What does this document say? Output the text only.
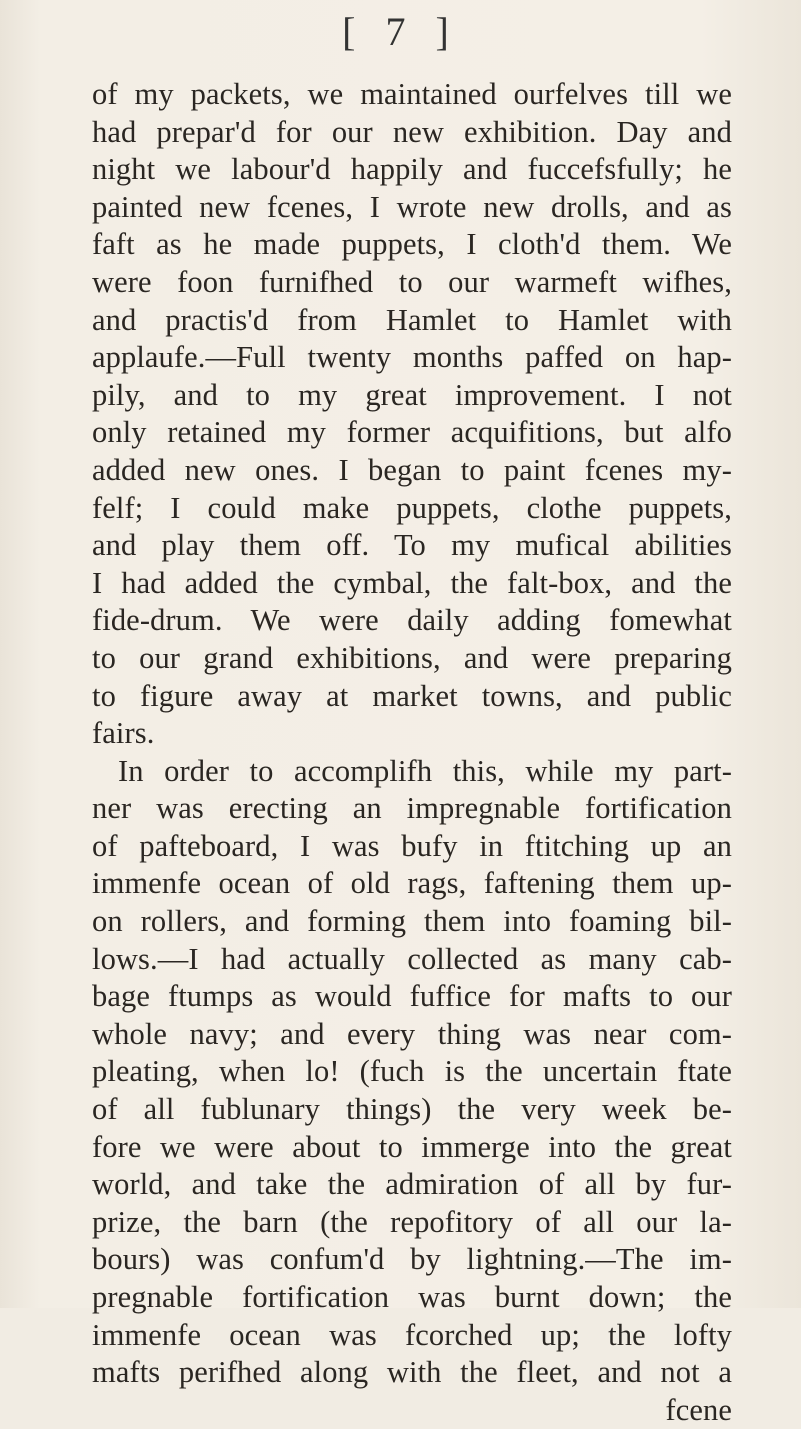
[ 7 ]
of my packets, we maintained ourfelves till we
had prepar'd for our new exhibition. Day and
night we labour'd happily and fuccefsfully; he
painted new fcenes, I wrote new drolls, and as
faft as he made puppets, I cloth'd them. We
were foon furnifhed to our warmeft wifhes,
and practis'd from Hamlet to Hamlet with
applaufe.—Full twenty months paffed on hap-
pily, and to my great improvement. I not
only retained my former acquifitions, but alfo
added new ones. I began to paint fcenes my-
felf; I could make puppets, clothe puppets,
and play them off. To my mufical abilities
I had added the cymbal, the falt-box, and the
fide-drum. We were daily adding fomewhat
to our grand exhibitions, and were preparing
to figure away at market towns, and public
fairs.
In order to accomplifh this, while my part-
ner was erecting an impregnable fortification
of pafteboard, I was bufy in ftitching up an
immenfe ocean of old rags, faftening them up-
on rollers, and forming them into foaming bil-
lows.—I had actually collected as many cab-
bage ftumps as would fuffice for mafts to our
whole navy; and every thing was near com-
pleating, when lo! (fuch is the uncertain ftate
of all fublunary things) the very week be-
fore we were about to immerge into the great
world, and take the admiration of all by fur-
prize, the barn (the repofitory of all our la-
bours) was confum'd by lightning.—The im-
pregnable fortification was burnt down; the
immenfe ocean was fcorched up; the lofty
mafts perifhed along with the fleet, and not a
fcene
